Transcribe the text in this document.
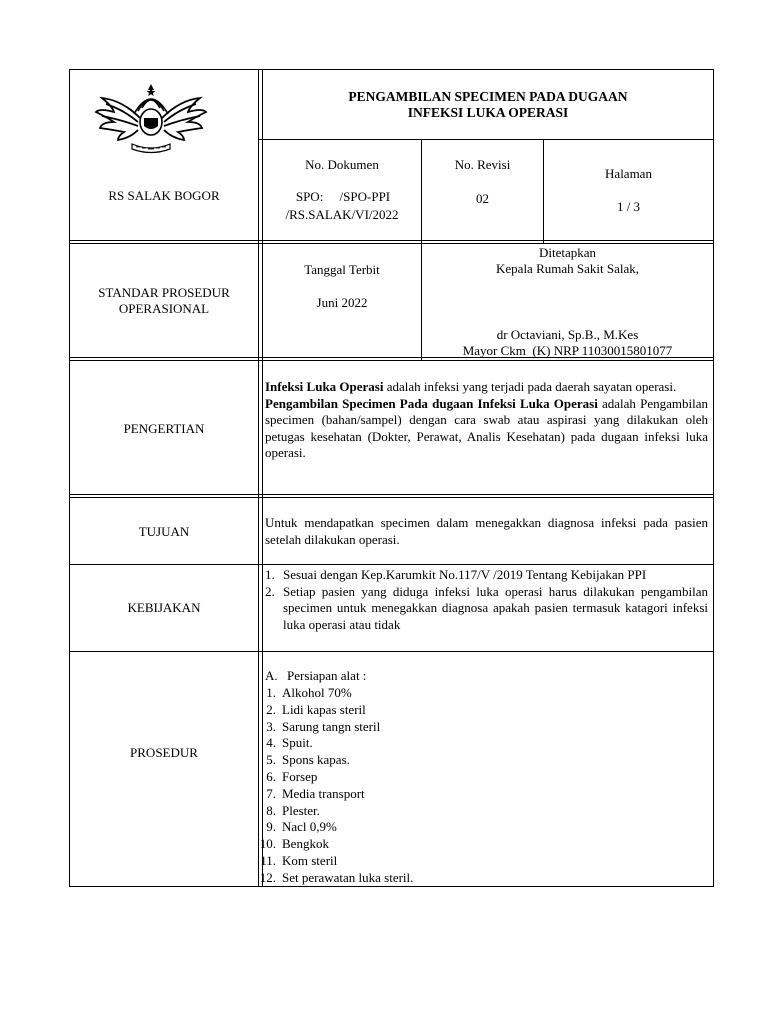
PENGAMBILAN SPECIMEN PADA DUGAAN
INFEKSI LUKA OPERASI
RS SALAK BOGOR
No. Dokumen
SPO:     /SPO-PPI
/RS.SALAK/VI/2022
No. Revisi
02
Halaman
1 / 3
STANDAR PROSEDUR
OPERASIONAL
Tanggal Terbit
Juni 2022
Ditetapkan
Kepala Rumah Sakit Salak,
dr Octaviani, Sp.B., M.Kes
Mayor Ckm  (K) NRP 11030015801077
PENGERTIAN
Infeksi Luka Operasi adalah infeksi yang terjadi pada daerah sayatan operasi.
Pengambilan Specimen Pada dugaan Infeksi Luka Operasi adalah Pengambilan specimen (bahan/sampel) dengan cara swab atau aspirasi yang dilakukan oleh petugas kesehatan (Dokter, Perawat, Analis Kesehatan) pada dugaan infeksi luka operasi.
TUJUAN
Untuk mendapatkan specimen dalam menegakkan diagnosa infeksi pada pasien setelah dilakukan operasi.
KEBIJAKAN
1. Sesuai dengan Kep.Karumkit No.117/V /2019 Tentang Kebijakan PPI
2. Setiap pasien yang diduga infeksi luka operasi harus dilakukan pengambilan specimen untuk menegakkan diagnosa apakah pasien termasuk katagori infeksi luka operasi atau tidak
PROSEDUR
A. Persiapan alat :
1. Alkohol 70%
2. Lidi kapas steril
3. Sarung tangn steril
4. Spuit.
5. Spons kapas.
6. Forsep
7. Media transport
8. Plester.
9. Nacl 0,9%
10. Bengkok
11. Kom steril
12. Set perawatan luka steril.
